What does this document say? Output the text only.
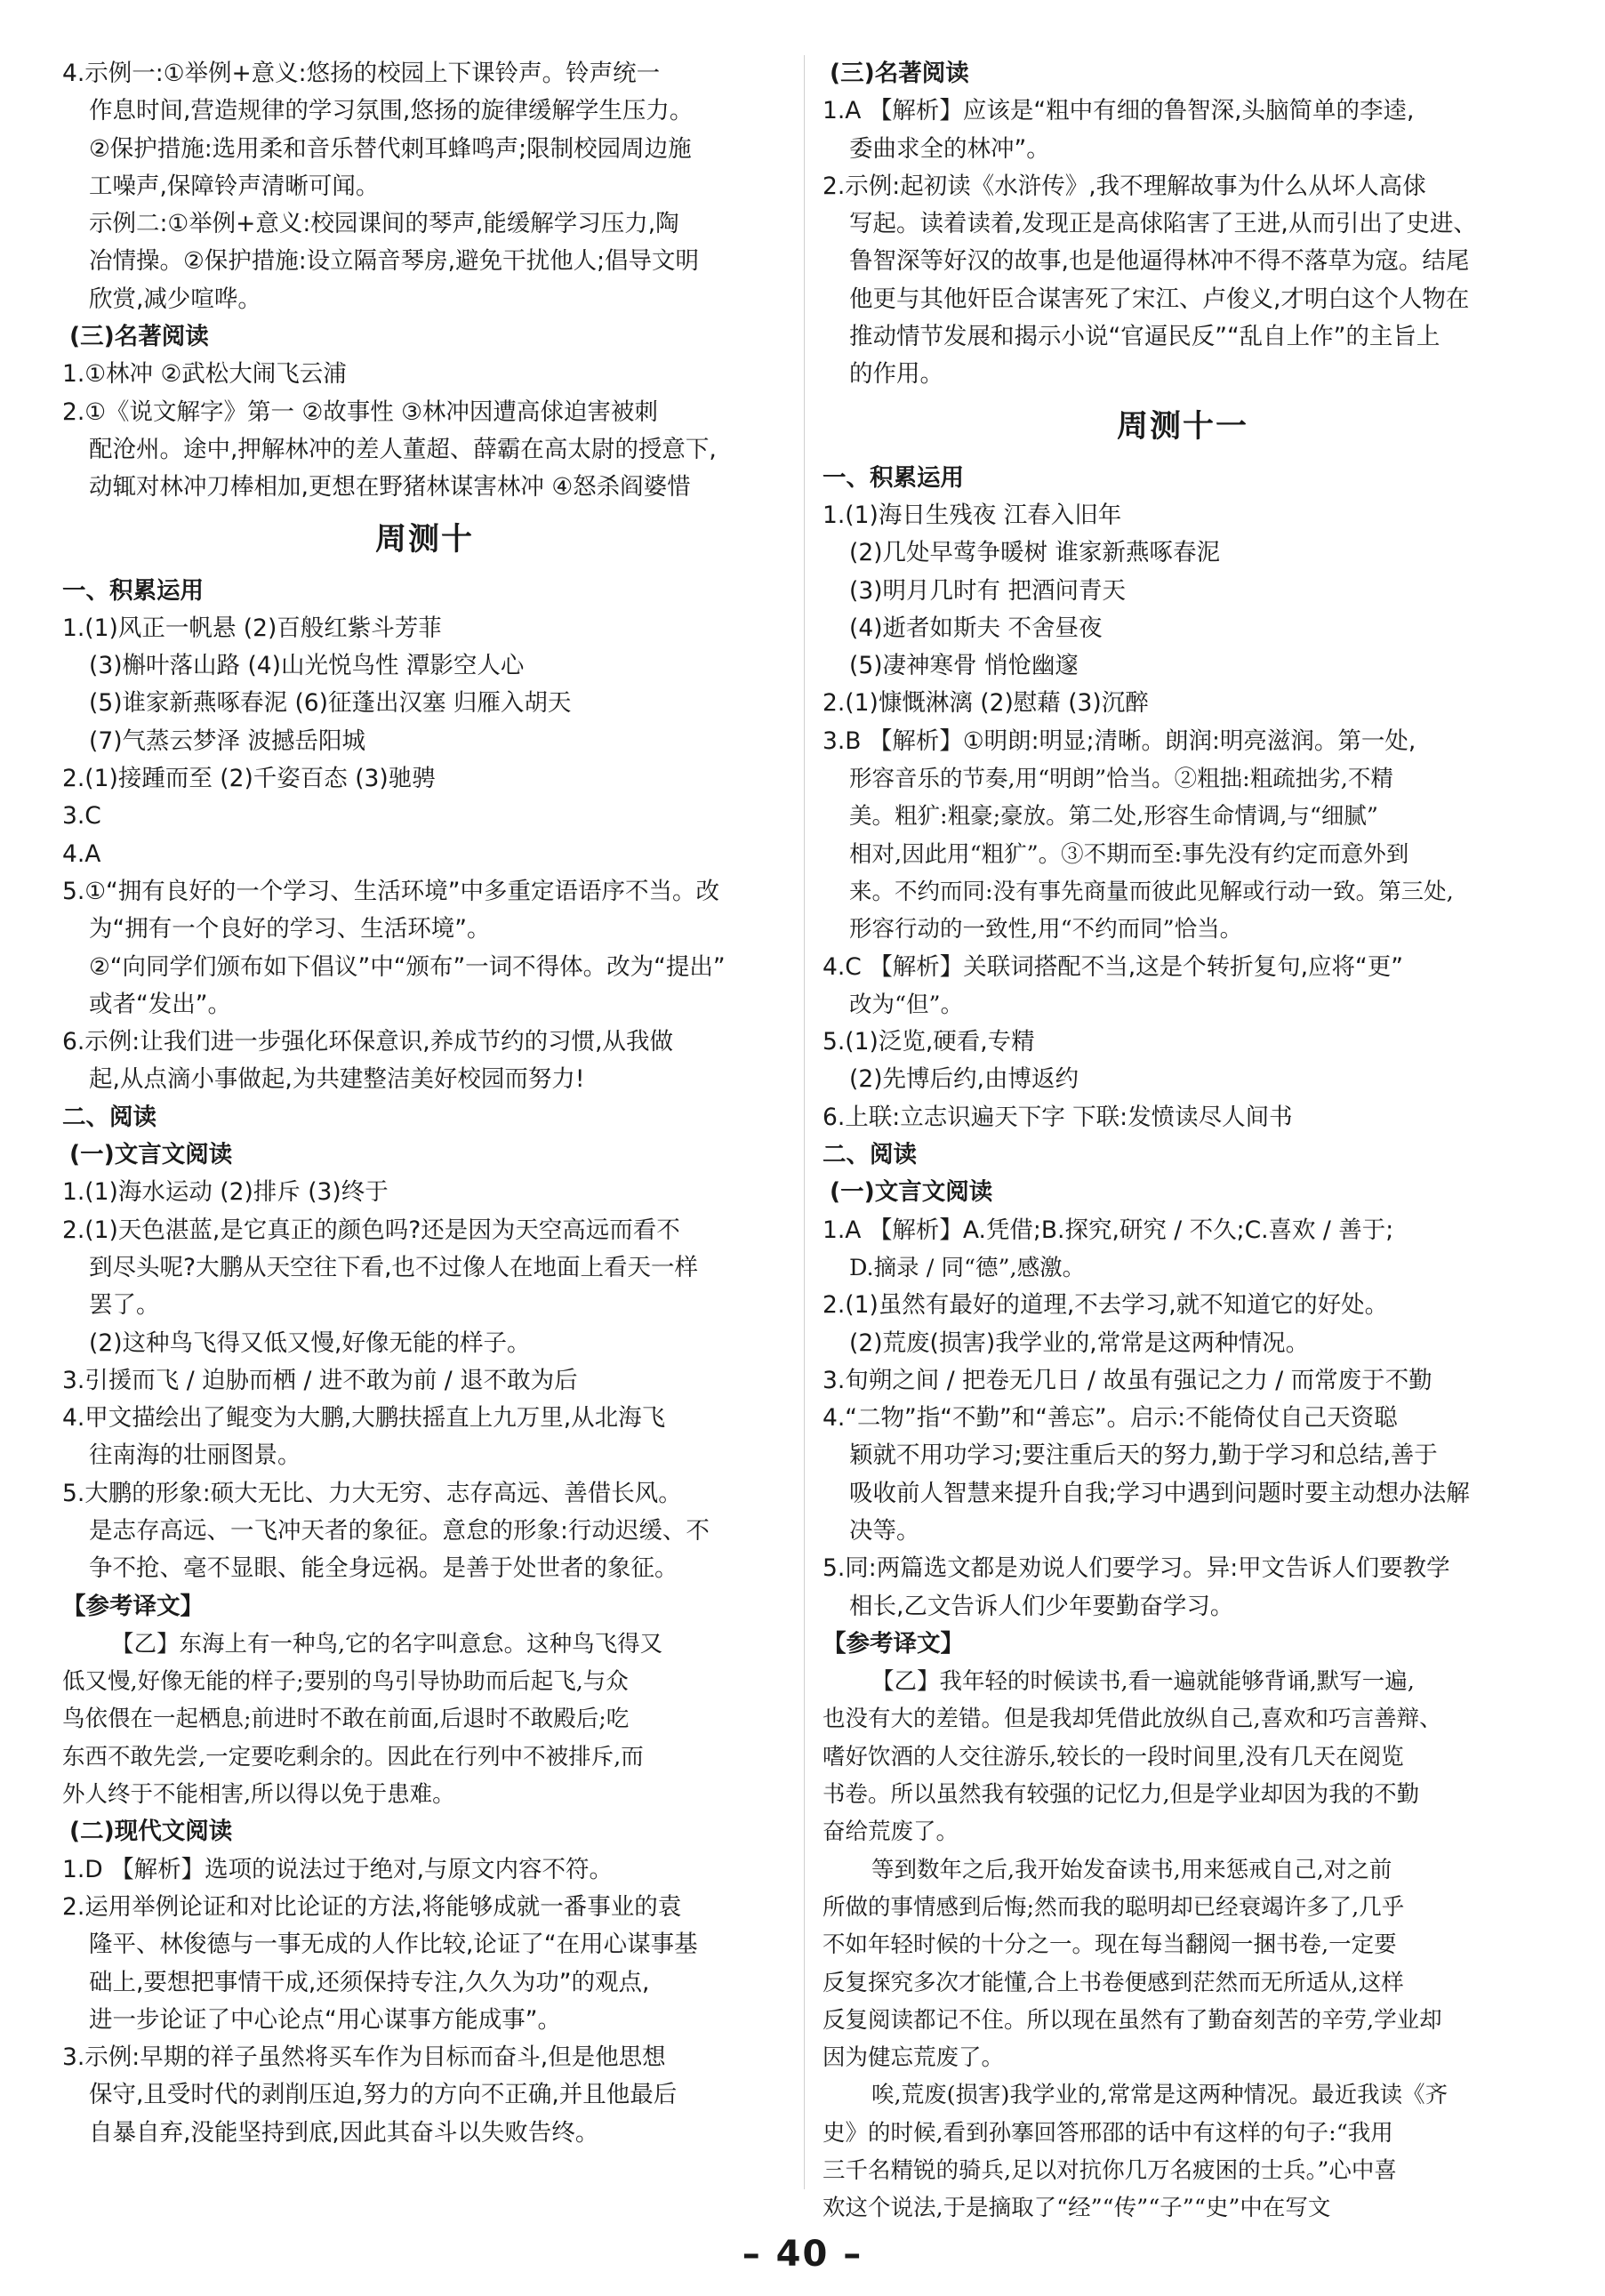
4.示例一:①举例+意义:悠扬的校园上下课铃声。铃声统一

作息时间,营造规律的学习氛围,悠扬的旋律缓解学生压力。

②保护措施:选用柔和音乐替代刺耳蜂鸣声;限制校园周边施

工噪声,保障铃声清晰可闻。

示例二:①举例+意义:校园课间的琴声,能缓解学习压力,陶

冶情操。②保护措施:设立隔音琴房,避免干扰他人;倡导文明

欣赏,减少喧哗。

(三)名著阅读

1.①林冲 ②武松大闹飞云浦

2.①《说文解字》第一 ②故事性 ③林冲因遭高俅迫害被刺

配沧州。途中,押解林冲的差人董超、薛霸在高太尉的授意下,

动辄对林冲刀棒相加,更想在野猪林谋害林冲 ④怒杀阎婆惜

周测十

一、积累运用

1.(1)风正一帆悬 (2)百般红紫斗芳菲

(3)槲叶落山路 (4)山光悦鸟性 潭影空人心

(5)谁家新燕啄春泥 (6)征蓬出汉塞 归雁入胡天

(7)气蒸云梦泽 波撼岳阳城

2.(1)接踵而至 (2)千姿百态 (3)驰骋

3.C

4.A

5.①“拥有良好的一个学习、生活环境”中多重定语语序不当。改

为“拥有一个良好的学习、生活环境”。

②“向同学们颁布如下倡议”中“颁布”一词不得体。改为“提出”

或者“发出”。

6.示例:让我们进一步强化环保意识,养成节约的习惯,从我做

起,从点滴小事做起,为共建整洁美好校园而努力!

二、阅读

(一)文言文阅读

1.(1)海水运动 (2)排斥 (3)终于

2.(1)天色湛蓝,是它真正的颜色吗?还是因为天空高远而看不

到尽头呢?大鹏从天空往下看,也不过像人在地面上看天一样

罢了。

(2)这种鸟飞得又低又慢,好像无能的样子。

3.引援而飞 / 迫胁而栖 / 进不敢为前 / 退不敢为后

4.甲文描绘出了鲲变为大鹏,大鹏扶摇直上九万里,从北海飞

往南海的壮丽图景。

5.大鹏的形象:硕大无比、力大无穷、志存高远、善借长风。

是志存高远、一飞冲天者的象征。意怠的形象:行动迟缓、不

争不抢、毫不显眼、能全身远祸。是善于处世者的象征。

【参考译文】

【乙】东海上有一种鸟,它的名字叫意怠。这种鸟飞得又

低又慢,好像无能的样子;要别的鸟引导协助而后起飞,与众

鸟依偎在一起栖息;前进时不敢在前面,后退时不敢殿后;吃

东西不敢先尝,一定要吃剩余的。因此在行列中不被排斥,而

外人终于不能相害,所以得以免于患难。

(二)现代文阅读

1.D 【解析】选项的说法过于绝对,与原文内容不符。

2.运用举例论证和对比论证的方法,将能够成就一番事业的袁

隆平、林俊德与一事无成的人作比较,论证了“在用心谋事基

础上,要想把事情干成,还须保持专注,久久为功”的观点,

进一步论证了中心论点“用心谋事方能成事”。

3.示例:早期的祥子虽然将买车作为目标而奋斗,但是他思想

保守,且受时代的剥削压迫,努力的方向不正确,并且他最后

自暴自弃,没能坚持到底,因此其奋斗以失败告终。

(三)名著阅读

1.A 【解析】应该是“粗中有细的鲁智深,头脑简单的李逵,

委曲求全的林冲”。

2.示例:起初读《水浒传》,我不理解故事为什么从坏人高俅

写起。读着读着,发现正是高俅陷害了王进,从而引出了史进、

鲁智深等好汉的故事,也是他逼得林冲不得不落草为寇。结尾

他更与其他奸臣合谋害死了宋江、卢俊义,才明白这个人物在

推动情节发展和揭示小说“官逼民反”“乱自上作”的主旨上

的作用。

周测十一

一、积累运用

1.(1)海日生残夜 江春入旧年

(2)几处早莺争暖树 谁家新燕啄春泥

(3)明月几时有 把酒问青天

(4)逝者如斯夫 不舍昼夜

(5)凄神寒骨 悄怆幽邃

2.(1)慷慨淋漓 (2)慰藉 (3)沉醉

3.B 【解析】①明朗:明显;清晰。朗润:明亮滋润。第一处,

形容音乐的节奏,用“明朗”恰当。②粗拙:粗疏拙劣,不精

美。粗犷:粗豪;豪放。第二处,形容生命情调,与“细腻”

相对,因此用“粗犷”。③不期而至:事先没有约定而意外到

来。不约而同:没有事先商量而彼此见解或行动一致。第三处,

形容行动的一致性,用“不约而同”恰当。

4.C 【解析】关联词搭配不当,这是个转折复句,应将“更”

改为“但”。

5.(1)泛览,硬看,专精

(2)先博后约,由博返约

6.上联:立志识遍天下字 下联:发愤读尽人间书

二、阅读

(一)文言文阅读

1.A 【解析】A.凭借;B.探究,研究 / 不久;C.喜欢 / 善于;

D.摘录 / 同“德”,感激。

2.(1)虽然有最好的道理,不去学习,就不知道它的好处。

(2)荒废(损害)我学业的,常常是这两种情况。

3.旬朔之间 / 把卷无几日 / 故虽有强记之力 / 而常废于不勤

4.“二物”指“不勤”和“善忘”。启示:不能倚仗自己天资聪

颖就不用功学习;要注重后天的努力,勤于学习和总结,善于

吸收前人智慧来提升自我;学习中遇到问题时要主动想办法解

决等。

5.同:两篇选文都是劝说人们要学习。异:甲文告诉人们要教学

相长,乙文告诉人们少年要勤奋学习。

【参考译文】

【乙】我年轻的时候读书,看一遍就能够背诵,默写一遍,

也没有大的差错。但是我却凭借此放纵自己,喜欢和巧言善辩、

嗜好饮酒的人交往游乐,较长的一段时间里,没有几天在阅览

书卷。所以虽然我有较强的记忆力,但是学业却因为我的不勤

奋给荒废了。

等到数年之后,我开始发奋读书,用来惩戒自己,对之前

所做的事情感到后悔;然而我的聪明却已经衰竭许多了,几乎

不如年轻时候的十分之一。现在每当翻阅一捆书卷,一定要

反复探究多次才能懂,合上书卷便感到茫然而无所适从,这样

反复阅读都记不住。所以现在虽然有了勤奋刻苦的辛劳,学业却

因为健忘荒废了。

唉,荒废(损害)我学业的,常常是这两种情况。最近我读《齐

史》的时候,看到孙搴回答邢邵的话中有这样的句子:“我用

三千名精锐的骑兵,足以对抗你几万名疲困的士兵。”心中喜

欢这个说法,于是摘取了“经”“传”“子”“史”中在写文

– 40 –
